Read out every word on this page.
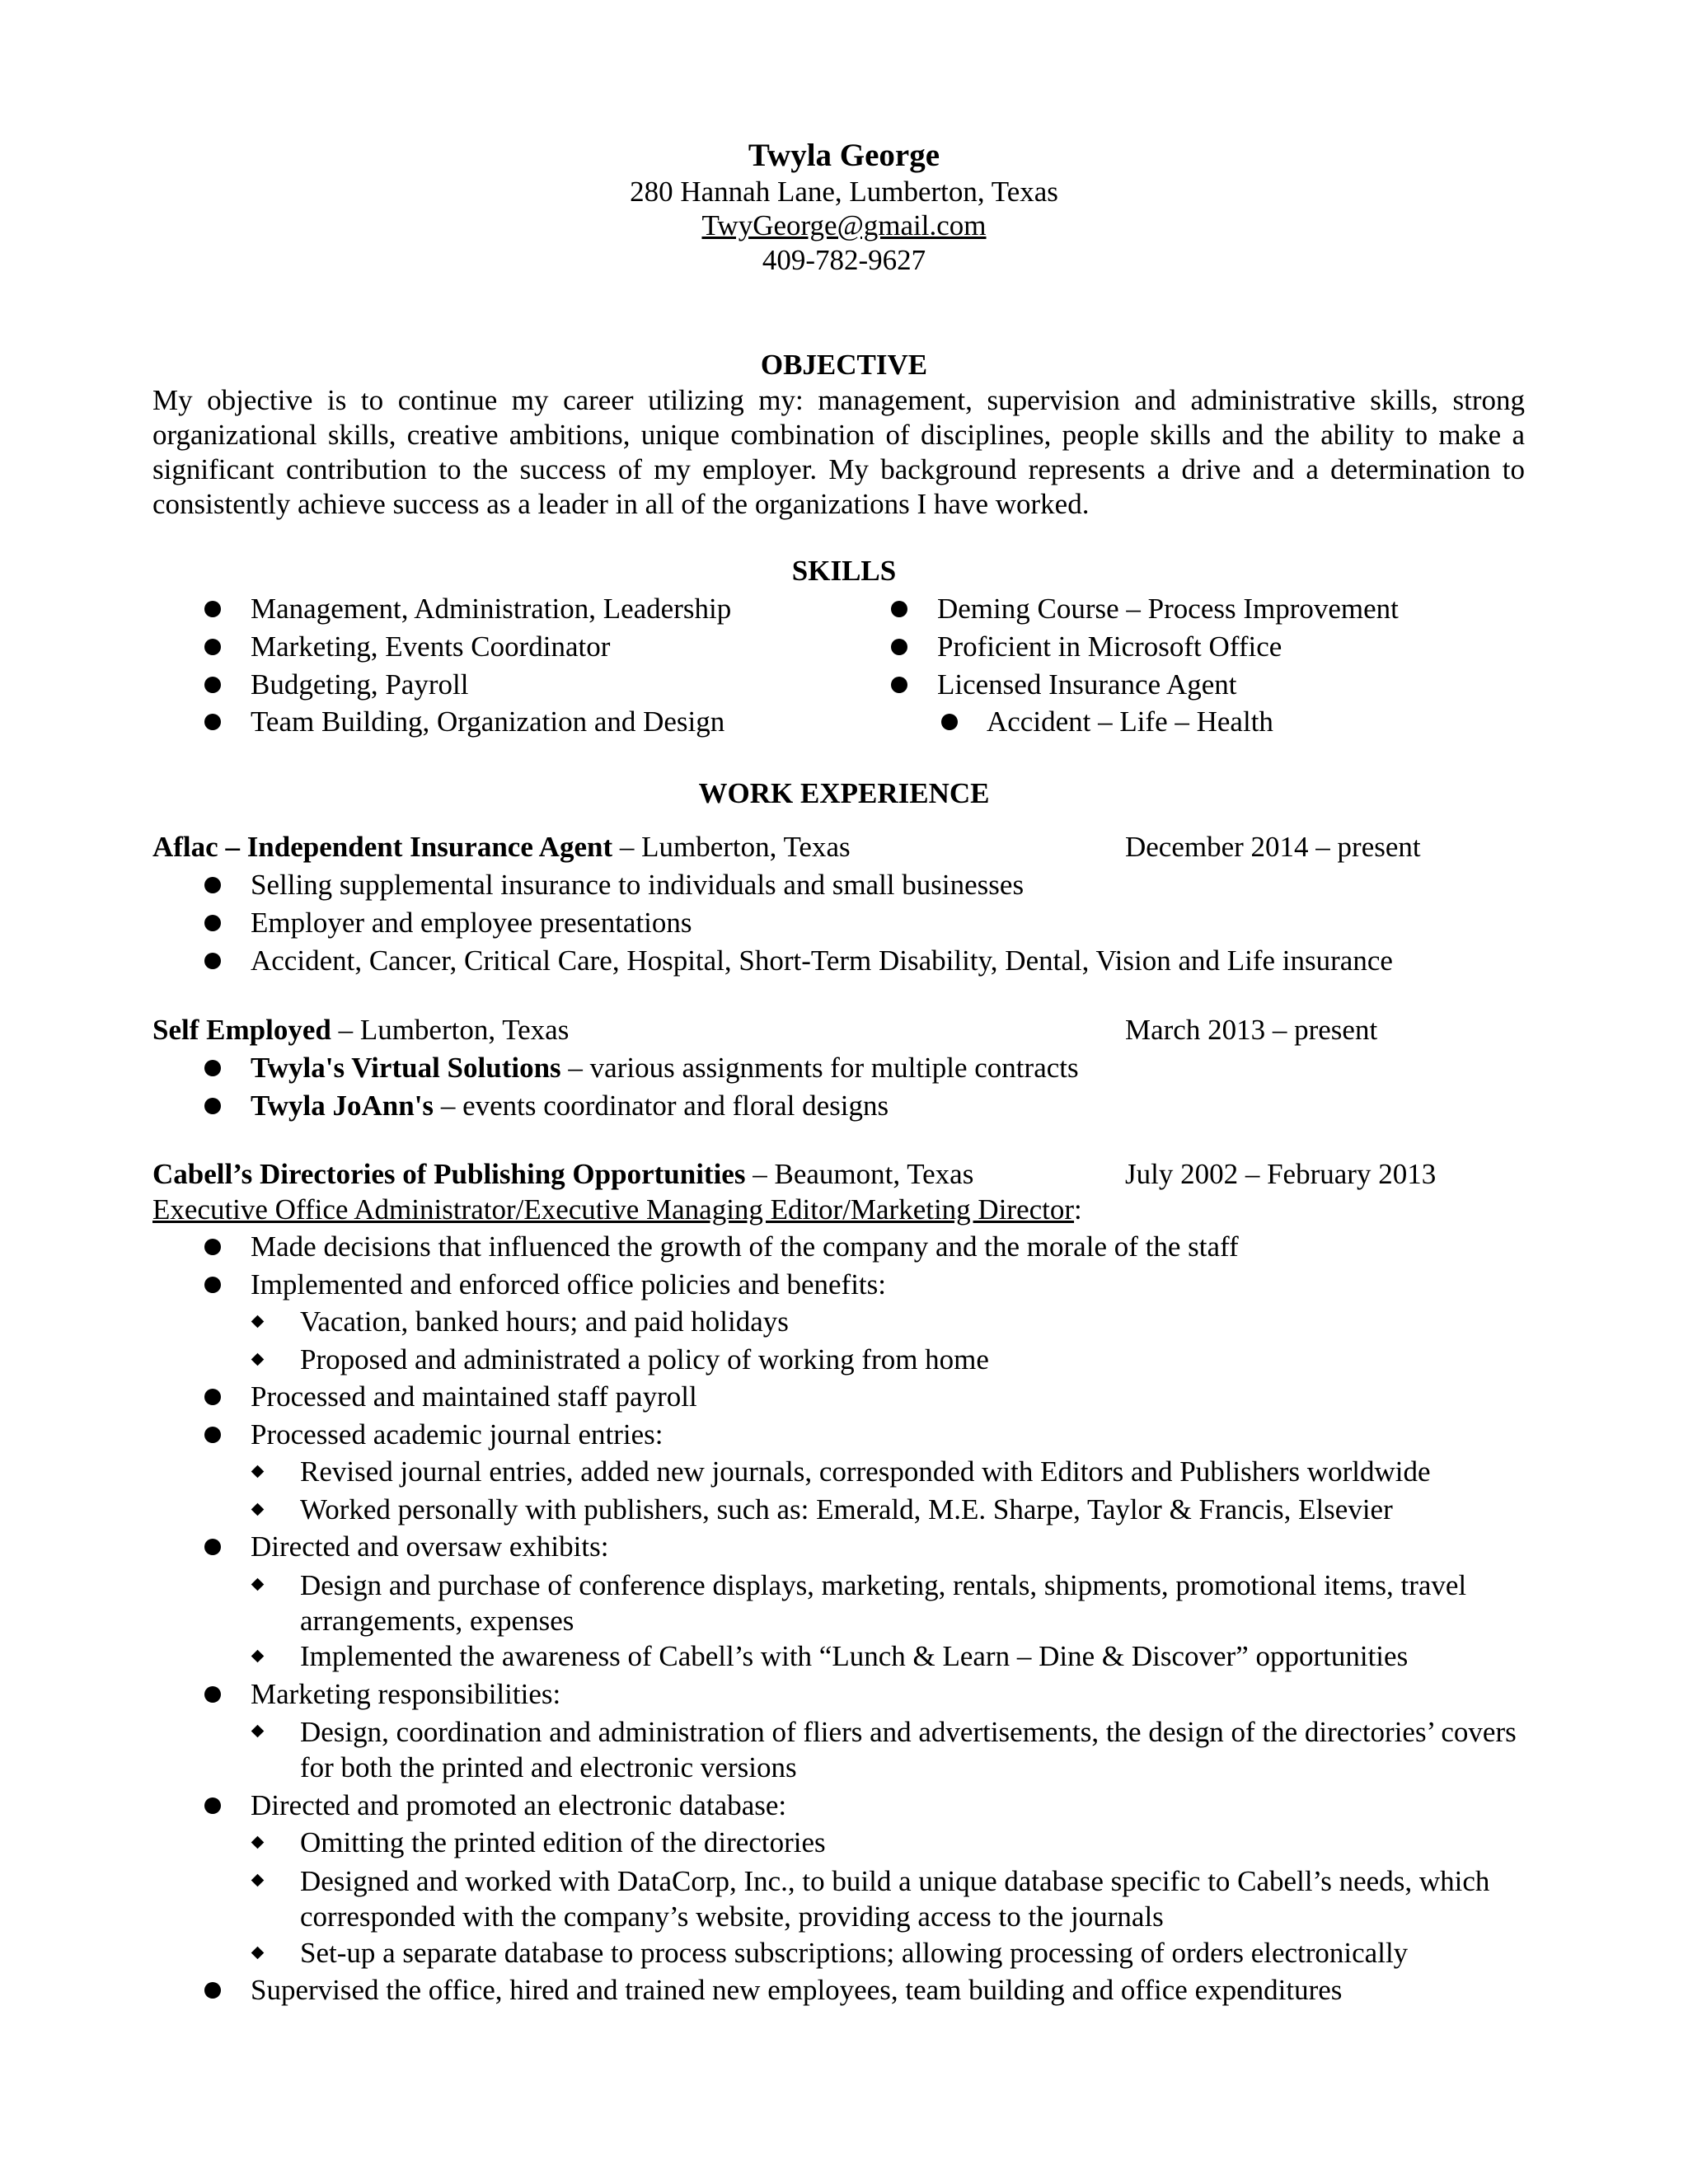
Twyla George
280 Hannah Lane, Lumberton, Texas
TwyGeorge@gmail.com
409-782-9627
OBJECTIVE
My objective is to continue my career utilizing my: management, supervision and administrative skills, strong organizational skills, creative ambitions, unique combination of disciplines, people skills and the ability to make a significant contribution to the success of my employer. My background represents a drive and a determination to consistently achieve success as a leader in all of the organizations I have worked.
SKILLS
Management, Administration, Leadership
Marketing, Events Coordinator
Budgeting, Payroll
Team Building, Organization and Design
Deming Course – Process Improvement
Proficient in Microsoft Office
Licensed Insurance Agent
Accident – Life – Health
WORK EXPERIENCE
Aflac – Independent Insurance Agent – Lumberton, Texas	December 2014 – present
Selling supplemental insurance to individuals and small businesses
Employer and employee presentations
Accident, Cancer, Critical Care, Hospital, Short-Term Disability, Dental, Vision and Life insurance
Self Employed – Lumberton, Texas	March 2013 – present
Twyla's Virtual Solutions – various assignments for multiple contracts
Twyla JoAnn's – events coordinator and floral designs
Cabell’s Directories of Publishing Opportunities – Beaumont, Texas	July 2002 – February 2013
Executive Office Administrator/Executive Managing Editor/Marketing Director:
Made decisions that influenced the growth of the company and the morale of the staff
Implemented and enforced office policies and benefits:
Vacation, banked hours; and paid holidays
Proposed and administrated a policy of working from home
Processed and maintained staff payroll
Processed academic journal entries:
Revised journal entries, added new journals, corresponded with Editors and Publishers worldwide
Worked personally with publishers, such as: Emerald, M.E. Sharpe, Taylor & Francis, Elsevier
Directed and oversaw exhibits:
Design and purchase of conference displays, marketing, rentals, shipments, promotional items, travel arrangements, expenses
Implemented the awareness of Cabell’s with “Lunch & Learn – Dine & Discover” opportunities
Marketing responsibilities:
Design, coordination and administration of fliers and advertisements, the design of the directories’ covers for both the printed and electronic versions
Directed and promoted an electronic database:
Omitting the printed edition of the directories
Designed and worked with DataCorp, Inc., to build a unique database specific to Cabell’s needs, which corresponded with the company’s website, providing access to the journals
Set-up a separate database to process subscriptions; allowing processing of orders electronically
Supervised the office, hired and trained new employees, team building and office expenditures
